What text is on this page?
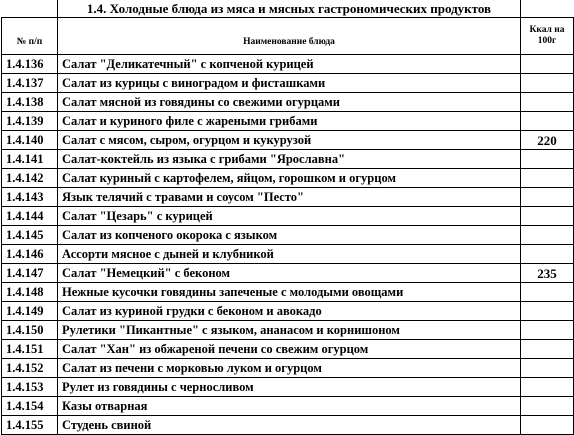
	1.4. Холодные блюда из мяса и мясных гастрономических продуктов	
№ п/п	Наименование блюда	Ккал на 100г
1.4.136	Салат "Деликатечный" с копченой курицей	
1.4.137	Салат из курицы с виноградом и фисташками	
1.4.138	Салат мясной из говядины со свежими огурцами	
1.4.139	Салат и куриного филе с жареными грибами	
1.4.140	Салат с мясом, сыром, огурцом и кукурузой	220
1.4.141	Салат-коктейль из языка с грибами "Ярославна"	
1.4.142	Салат куриный с картофелем, яйцом, горошком и огурцом	
1.4.143	Язык телячий с травами и соусом "Песто"	
1.4.144	Салат "Цезарь" с курицей	
1.4.145	Салат из копченого окорока с языком	
1.4.146	Ассорти мясное с дыней и клубникой	
1.4.147	Салат "Немецкий" с беконом	235
1.4.148	Нежные кусочки говядины запеченые с молодыми овощами	
1.4.149	Салат из куриной грудки с беконом и авокадо	
1.4.150	Рулетики "Пикантные" с языком, ананасом и корнишоном	
1.4.151	Салат "Хан" из обжареной печени со свежим огурцом	
1.4.152	Салат из печени с морковью луком и огурцом	
1.4.153	Рулет из говядины с черносливом	
1.4.154	Казы отварная	
1.4.155	Студень свиной	
